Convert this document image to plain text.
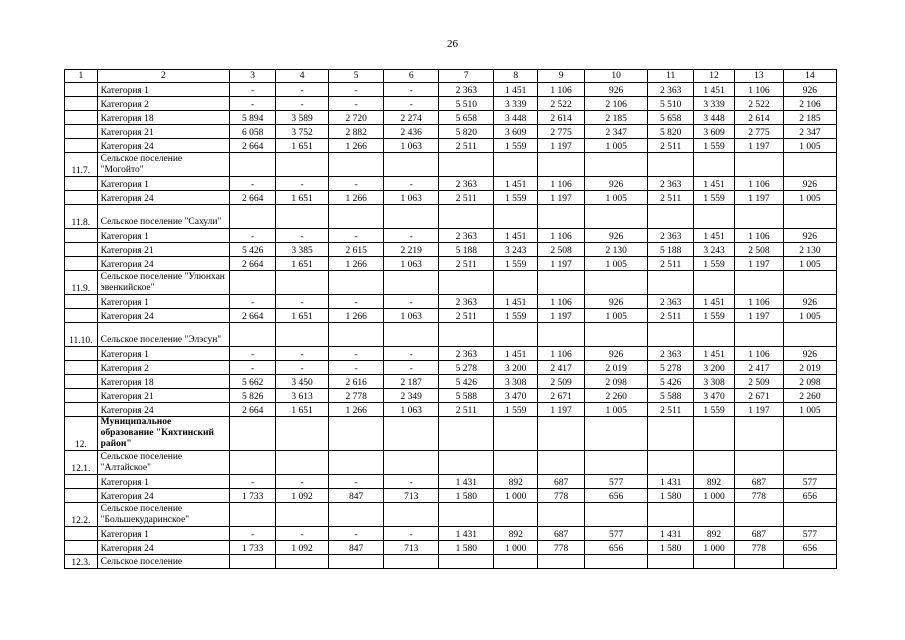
26
1	2	3	4	5	6	7	8	9	10	11	12	13	14
	Категория 1	-	-	-	-	2 363	1 451	1 106	926	2 363	1 451	1 106	926
	Категория 2	-	-	-	-	5 510	3 339	2 522	2 106	5 510	3 339	2 522	2 106
	Категория 18	5 894	3 589	2 720	2 274	5 658	3 448	2 614	2 185	5 658	3 448	2 614	2 185
	Категория 21	6 058	3 752	2 882	2 436	5 820	3 609	2 775	2 347	5 820	3 609	2 775	2 347
	Категория 24	2 664	1 651	1 266	1 063	2 511	1 559	1 197	1 005	2 511	1 559	1 197	1 005
11.7.	Сельское поселение "Могойто"												
	Категория 1	-	-	-	-	2 363	1 451	1 106	926	2 363	1 451	1 106	926
	Категория 24	2 664	1 651	1 266	1 063	2 511	1 559	1 197	1 005	2 511	1 559	1 197	1 005
11.8.	Сельское поселение "Сахули"												
	Категория 1	-	-	-	-	2 363	1 451	1 106	926	2 363	1 451	1 106	926
	Категория 21	5 426	3 385	2 615	2 219	5 188	3 243	2 508	2 130	5 188	3 243	2 508	2 130
	Категория 24	2 664	1 651	1 266	1 063	2 511	1 559	1 197	1 005	2 511	1 559	1 197	1 005
11.9.	Сельское поселение "Улюнхан эвенкийское"												
	Категория 1	-	-	-	-	2 363	1 451	1 106	926	2 363	1 451	1 106	926
	Категория 24	2 664	1 651	1 266	1 063	2 511	1 559	1 197	1 005	2 511	1 559	1 197	1 005
11.10.	Сельское поселение "Элэсун"												
	Категория 1	-	-	-	-	2 363	1 451	1 106	926	2 363	1 451	1 106	926
	Категория 2	-	-	-	-	5 278	3 200	2 417	2 019	5 278	3 200	2 417	2 019
	Категория 18	5 662	3 450	2 616	2 187	5 426	3 308	2 509	2 098	5 426	3 308	2 509	2 098
	Категория 21	5 826	3 613	2 778	2 349	5 588	3 470	2 671	2 260	5 588	3 470	2 671	2 260
	Категория 24	2 664	1 651	1 266	1 063	2 511	1 559	1 197	1 005	2 511	1 559	1 197	1 005
12.	Муниципальное образование "Кяхтинский район"												
12.1.	Сельское поселение "Алтайское"												
	Категория 1	-	-	-	-	1 431	892	687	577	1 431	892	687	577
	Категория 24	1 733	1 092	847	713	1 580	1 000	778	656	1 580	1 000	778	656
12.2.	Сельское поселение "Большекударинское"												
	Категория 1	-	-	-	-	1 431	892	687	577	1 431	892	687	577
	Категория 24	1 733	1 092	847	713	1 580	1 000	778	656	1 580	1 000	778	656
12.3.	Сельское поселение												
